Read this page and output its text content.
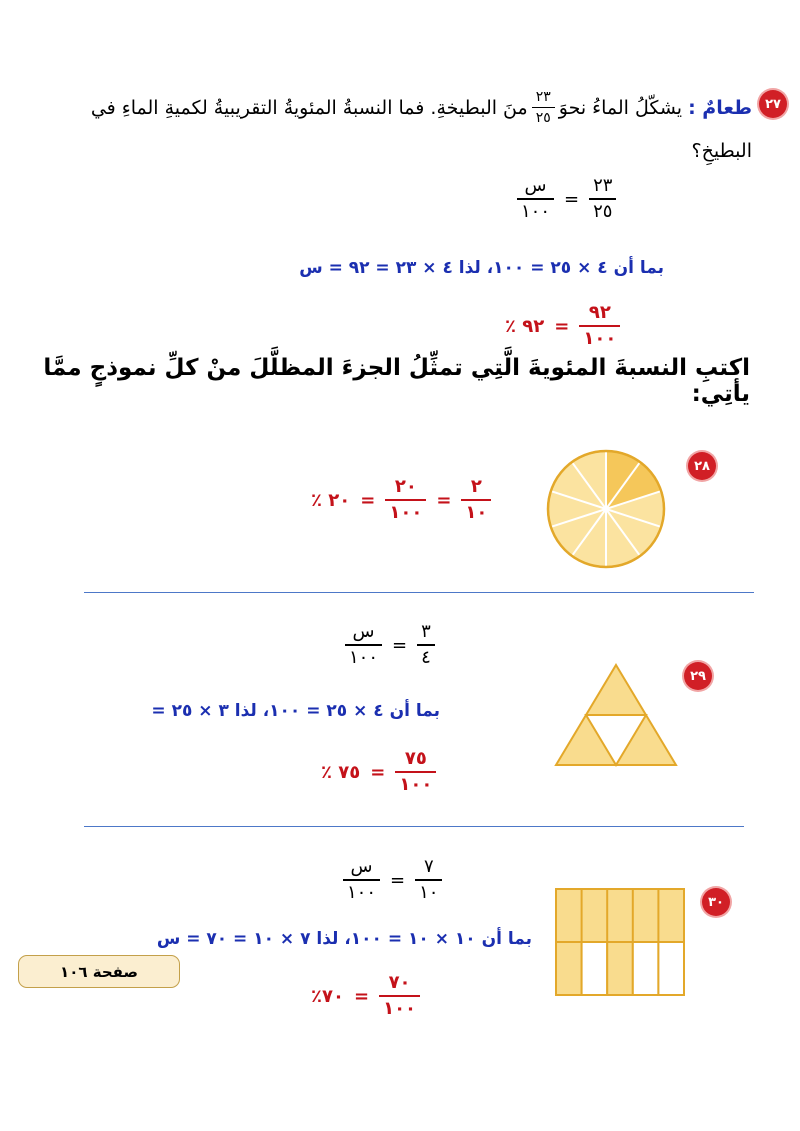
٢٧
طعامٌ :
يشكّلُ الماءُ نحوَ
$\frac{٢٣}{٢٥}$
منَ البطيخةِ. فما النسبةُ المئويةُ التقريبيةُ لكميةِ الماءِ في
البطيخِ؟
$\frac{\text{س}}{١٠٠} = \frac{٢٣}{٢٥}$
بما أن ٤ × ٢٥ = ١٠٠، لذا ٤ × ٢٣ = ٩٢ = س
٪ ٩٢ = $\frac{٩٢}{١٠٠}$
اكتبِ النسبةَ المئويةَ الَّتِي تمثِّلُ الجزءَ المظلَّلَ منْ كلِّ نموذجٍ ممَّا يأتِي:
٢٨
٪ ٢٠ = $\frac{٢٠}{١٠٠} = \frac{٢}{١٠}$
$\frac{\text{س}}{١٠٠} = \frac{٣}{٤}$
٢٩
بما أن ٤ × ٢٥ = ١٠٠، لذا ٣ × ٢٥ =
٪ ٧٥ = $\frac{٧٥}{١٠٠}$
$\frac{\text{س}}{١٠٠} = \frac{٧}{١٠}$	٣٠
بما أن ١٠ × ١٠ = ١٠٠، لذا ٧ × ١٠ = ٧٠ = س
صفحة ١٠٦
٪٧٠ = $\frac{٧٠}{١٠٠}$
